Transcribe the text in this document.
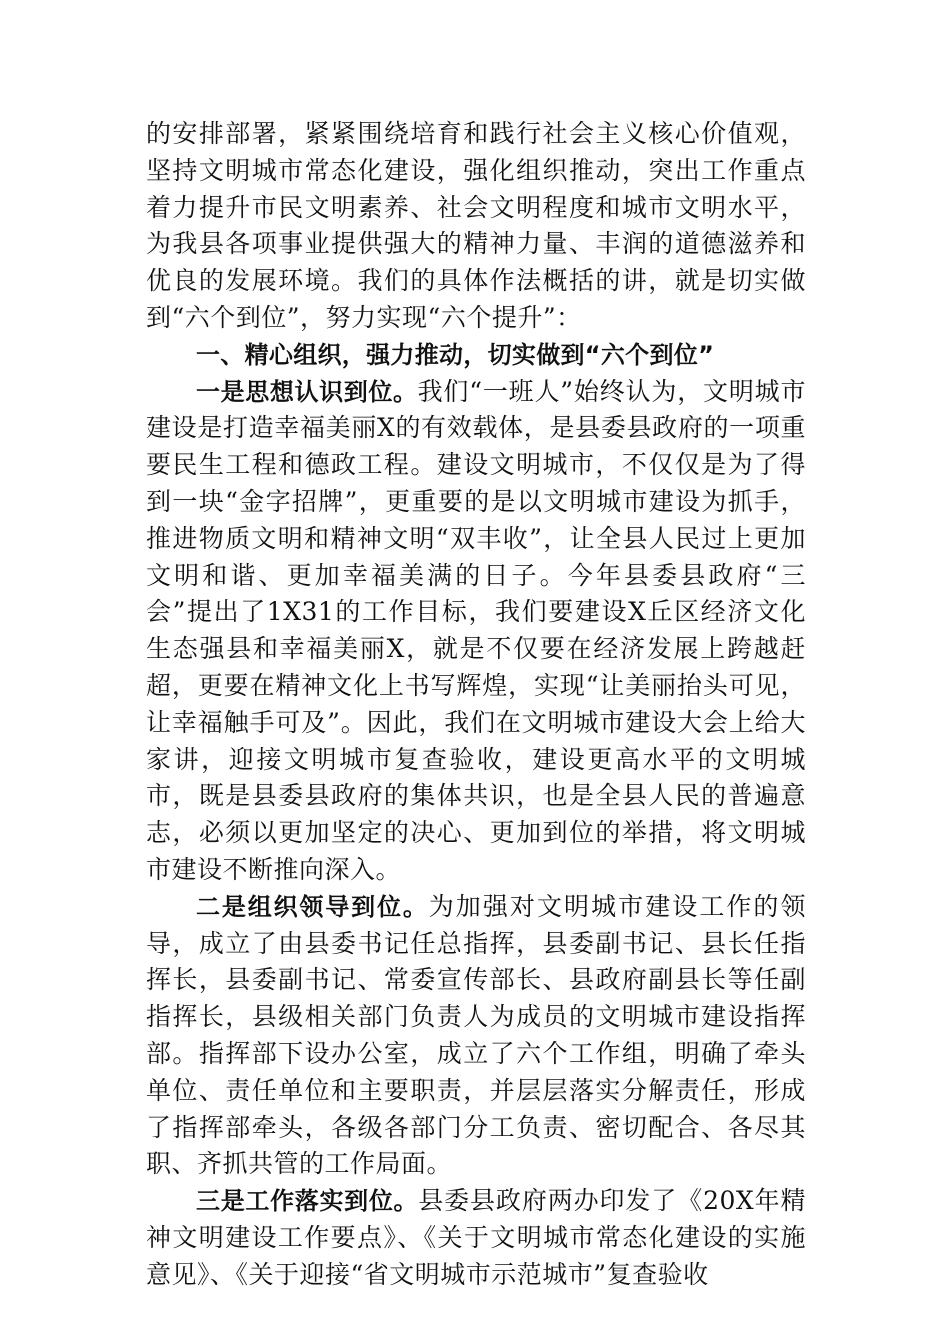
的安排部署，紧紧围绕培育和践行社会主义核心价值观，坚持文明城市常态化建设，强化组织推动，突出工作重点着力提升市民文明素养、社会文明程度和城市文明水平，为我县各项事业提供强大的精神力量、丰润的道德滋养和优良的发展环境。我们的具体作法概括的讲，就是切实做到“六个到位”，努力实现“六个提升”：

一、精心组织，强力推动，切实做到“六个到位”

一是思想认识到位。我们“一班人”始终认为，文明城市建设是打造幸福美丽X的有效载体，是县委县政府的一项重要民生工程和德政工程。建设文明城市，不仅仅是为了得到一块“金字招牌”，更重要的是以文明城市建设为抓手，推进物质文明和精神文明“双丰收”，让全县人民过上更加文明和谐、更加幸福美满的日子。今年县委县政府“三会”提出了1X31的工作目标，我们要建设X丘区经济文化生态强县和幸福美丽X，就是不仅要在经济发展上跨越赶超，更要在精神文化上书写辉煌，实现“让美丽抬头可见，让幸福触手可及”。因此，我们在文明城市建设大会上给大家讲，迎接文明城市复查验收，建设更高水平的文明城市，既是县委县政府的集体共识，也是全县人民的普遍意志，必须以更加坚定的决心、更加到位的举措，将文明城市建设不断推向深入。

二是组织领导到位。为加强对文明城市建设工作的领导，成立了由县委书记任总指挥，县委副书记、县长任指挥长，县委副书记、常委宣传部长、县政府副县长等任副指挥长，县级相关部门负责人为成员的文明城市建设指挥部。指挥部下设办公室，成立了六个工作组，明确了牵头单位、责任单位和主要职责，并层层落实分解责任，形成了指挥部牵头，各级各部门分工负责、密切配合、各尽其职、齐抓共管的工作局面。

三是工作落实到位。县委县政府两办印发了《20X年精神文明建设工作要点》、《关于文明城市常态化建设的实施意见》、《关于迎接“省文明城市示范城市”复查验收
